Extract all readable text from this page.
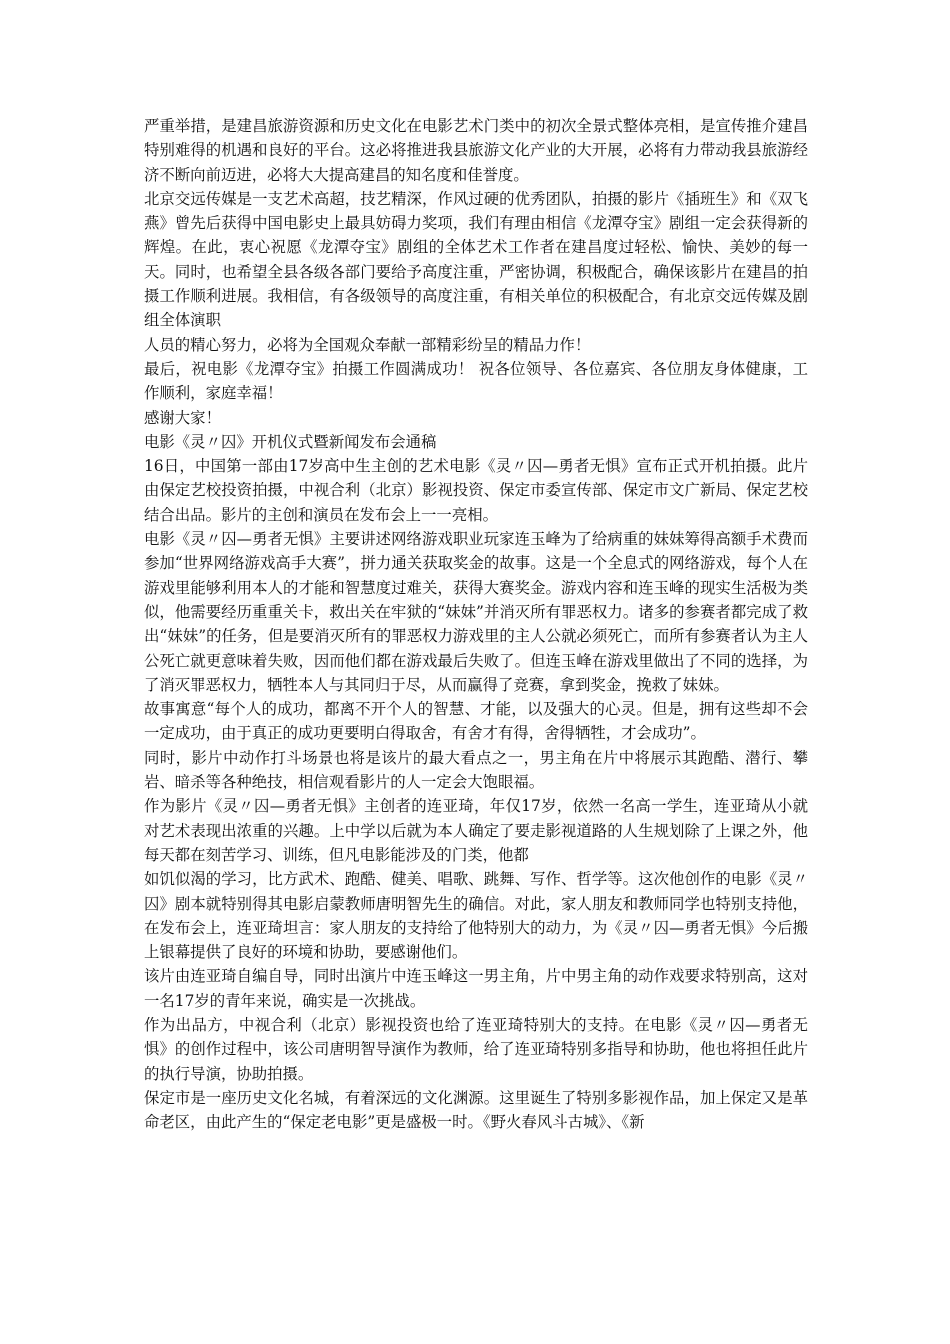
严重举措，是建昌旅游资源和历史文化在电影艺术门类中的初次全景式整体亮相，是宣传推介建昌特别难得的机遇和良好的平台。这必将推进我县旅游文化产业的大开展，必将有力带动我县旅游经济不断向前迈进，必将大大提高建昌的知名度和佳誉度。

北京交远传媒是一支艺术高超，技艺精深，作风过硬的优秀团队，拍摄的影片《插班生》和《双飞燕》曾先后获得中国电影史上最具妨碍力奖项，我们有理由相信《龙潭夺宝》剧组一定会获得新的辉煌。在此，衷心祝愿《龙潭夺宝》剧组的全体艺术工作者在建昌度过轻松、愉快、美妙的每一天。同时，也希望全县各级各部门要给予高度注重，严密协调，积极配合，确保该影片在建昌的拍摄工作顺利进展。我相信，有各级领导的高度注重，有相关单位的积极配合，有北京交远传媒及剧组全体演职

人员的精心努力，必将为全国观众奉献一部精彩纷呈的精品力作！

最后，祝电影《龙潭夺宝》拍摄工作圆满成功！ 祝各位领导、各位嘉宾、各位朋友身体健康，工作顺利，家庭幸福！

感谢大家！

电影《灵〃囚》开机仪式暨新闻发布会通稿

16日，中国第一部由17岁高中生主创的艺术电影《灵〃囚—勇者无惧》宣布正式开机拍摄。此片由保定艺校投资拍摄，中视合利（北京）影视投资、保定市委宣传部、保定市文广新局、保定艺校结合出品。影片的主创和演员在发布会上一一亮相。

电影《灵〃囚—勇者无惧》主要讲述网络游戏职业玩家连玉峰为了给病重的妹妹筹得高额手术费而参加“世界网络游戏高手大赛”，拼力通关获取奖金的故事。这是一个全息式的网络游戏，每个人在游戏里能够利用本人的才能和智慧度过难关，获得大赛奖金。游戏内容和连玉峰的现实生活极为类似，他需要经历重重关卡，救出关在牢狱的“妹妹”并消灭所有罪恶权力。诸多的参赛者都完成了救出“妹妹”的任务，但是要消灭所有的罪恶权力游戏里的主人公就必须死亡，而所有参赛者认为主人公死亡就更意味着失败，因而他们都在游戏最后失败了。但连玉峰在游戏里做出了不同的选择，为了消灭罪恶权力，牺牲本人与其同归于尽，从而赢得了竞赛，拿到奖金，挽救了妹妹。

故事寓意“每个人的成功，都离不开个人的智慧、才能，以及强大的心灵。但是，拥有这些却不会一定成功，由于真正的成功更要明白得取舍，有舍才有得，舍得牺牲，才会成功”。

同时，影片中动作打斗场景也将是该片的最大看点之一，男主角在片中将展示其跑酷、潜行、攀岩、暗杀等各种绝技，相信观看影片的人一定会大饱眼福。

作为影片《灵〃囚—勇者无惧》主创者的连亚琦，年仅17岁，依然一名高一学生，连亚琦从小就对艺术表现出浓重的兴趣。上中学以后就为本人确定了要走影视道路的人生规划除了上课之外，他每天都在刻苦学习、训练，但凡电影能涉及的门类，他都

如饥似渴的学习，比方武术、跑酷、健美、唱歌、跳舞、写作、哲学等。这次他创作的电影《灵〃囚》剧本就特别得其电影启蒙教师唐明智先生的确信。对此，家人朋友和教师同学也特别支持他，在发布会上，连亚琦坦言：家人朋友的支持给了他特别大的动力，为《灵〃囚—勇者无惧》今后搬上银幕提供了良好的环境和协助，要感谢他们。

该片由连亚琦自编自导，同时出演片中连玉峰这一男主角，片中男主角的动作戏要求特别高，这对一名17岁的青年来说，确实是一次挑战。

作为出品方，中视合利（北京）影视投资也给了连亚琦特别大的支持。在电影《灵〃囚—勇者无惧》的创作过程中，该公司唐明智导演作为教师，给了连亚琦特别多指导和协助，他也将担任此片的执行导演，协助拍摄。

保定市是一座历史文化名城，有着深远的文化渊源。这里诞生了特别多影视作品，加上保定又是革命老区，由此产生的“保定老电影”更是盛极一时。《野火春风斗古城》、《新
